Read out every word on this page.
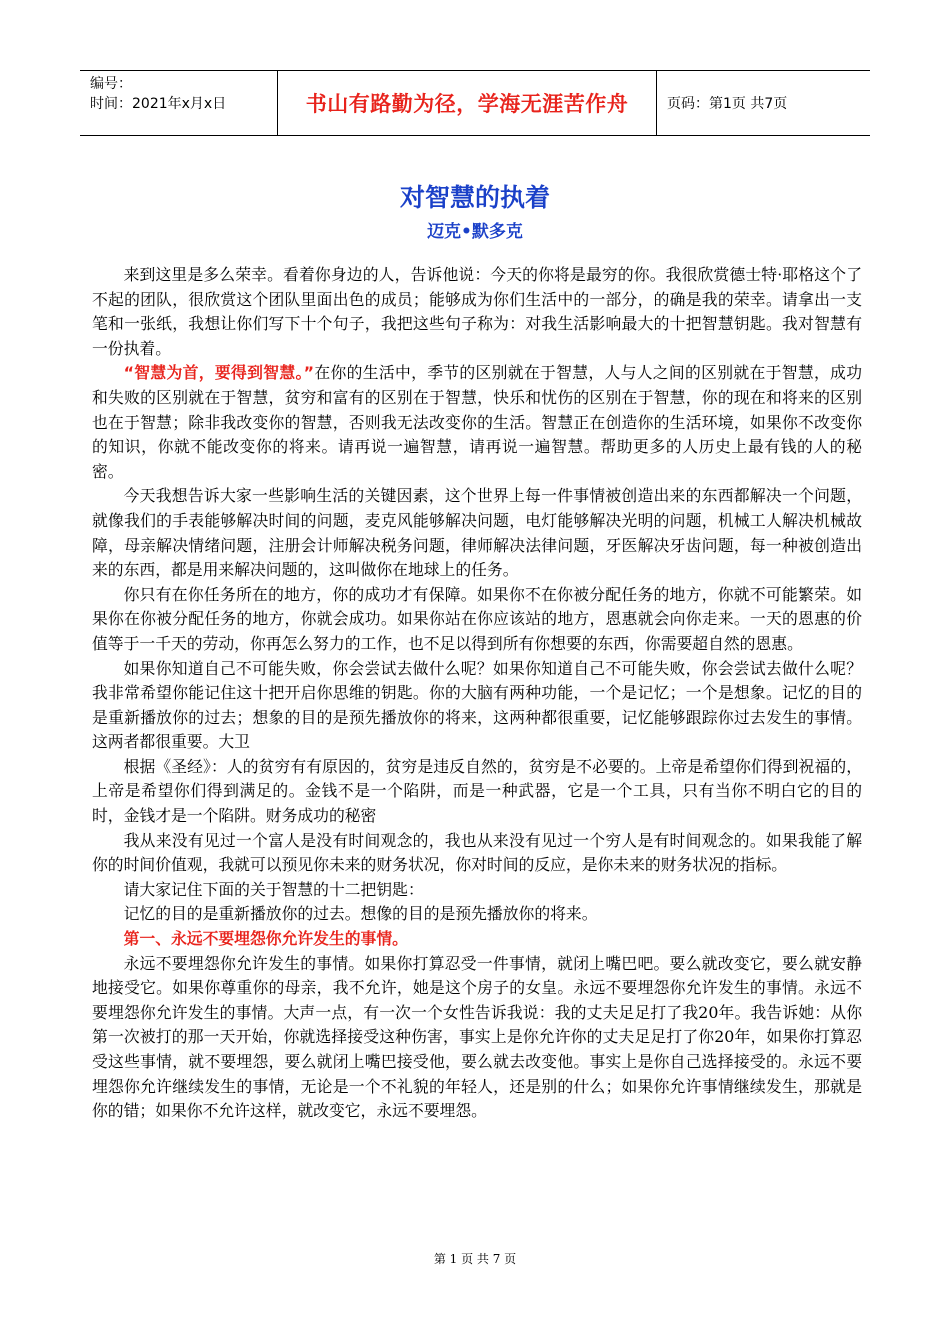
编号：
时间：2021年x月x日	书山有路勤为径，学海无涯苦作舟	页码：第1页 共7页
对智慧的执着
迈克•默多克

来到这里是多么荣幸。看着你身边的人，告诉他说：今天的你将是最穷的你。我很欣赏德士特·耶格这个了不起的团队，很欣赏这个团队里面出色的成员；能够成为你们生活中的一部分，的确是我的荣幸。请拿出一支笔和一张纸，我想让你们写下十个句子，我把这些句子称为：对我生活影响最大的十把智慧钥匙。我对智慧有一份执着。

“智慧为首，要得到智慧。”在你的生活中，季节的区别就在于智慧，人与人之间的区别就在于智慧，成功和失败的区别就在于智慧，贫穷和富有的区别在于智慧，快乐和忧伤的区别在于智慧，你的现在和将来的区别也在于智慧；除非我改变你的智慧，否则我无法改变你的生活。智慧正在创造你的生活环境，如果你不改变你的知识，你就不能改变你的将来。请再说一遍智慧，请再说一遍智慧。帮助更多的人历史上最有钱的人的秘密。

今天我想告诉大家一些影响生活的关键因素，这个世界上每一件事情被创造出来的东西都解决一个问题，就像我们的手表能够解决时间的问题，麦克风能够解决问题，电灯能够解决光明的问题，机械工人解决机械故障，母亲解决情绪问题，注册会计师解决税务问题，律师解决法律问题，牙医解决牙齿问题，每一种被创造出来的东西，都是用来解决问题的，这叫做你在地球上的任务。

你只有在你任务所在的地方，你的成功才有保障。如果你不在你被分配任务的地方，你就不可能繁荣。如果你在你被分配任务的地方，你就会成功。如果你站在你应该站的地方，恩惠就会向你走来。一天的恩惠的价值等于一千天的劳动，你再怎么努力的工作，也不足以得到所有你想要的东西，你需要超自然的恩惠。

如果你知道自己不可能失败，你会尝试去做什么呢？如果你知道自己不可能失败，你会尝试去做什么呢？我非常希望你能记住这十把开启你思维的钥匙。你的大脑有两种功能，一个是记忆；一个是想象。记忆的目的是重新播放你的过去；想象的目的是预先播放你的将来，这两种都很重要，记忆能够跟踪你过去发生的事情。这两者都很重要。大卫

根据《圣经》：人的贫穷有有原因的，贫穷是违反自然的，贫穷是不必要的。上帝是希望你们得到祝福的，上帝是希望你们得到满足的。金钱不是一个陷阱，而是一种武器，它是一个工具，只有当你不明白它的目的时，金钱才是一个陷阱。财务成功的秘密

我从来没有见过一个富人是没有时间观念的，我也从来没有见过一个穷人是有时间观念的。如果我能了解你的时间价值观，我就可以预见你未来的财务状况，你对时间的反应，是你未来的财务状况的指标。

请大家记住下面的关于智慧的十二把钥匙：

记忆的目的是重新播放你的过去。想像的目的是预先播放你的将来。

第一、永远不要埋怨你允许发生的事情。

永远不要埋怨你允许发生的事情。如果你打算忍受一件事情，就闭上嘴巴吧。要么就改变它，要么就安静地接受它。如果你尊重你的母亲，我不允许，她是这个房子的女皇。永远不要埋怨你允许发生的事情。永远不要埋怨你允许发生的事情。大声一点，有一次一个女性告诉我说：我的丈夫足足打了我20年。我告诉她：从你第一次被打的那一天开始，你就选择接受这种伤害，事实上是你允许你的丈夫足足打了你20年，如果你打算忍受这些事情，就不要埋怨，要么就闭上嘴巴接受他，要么就去改变他。事实上是你自己选择接受的。永远不要埋怨你允许继续发生的事情，无论是一个不礼貌的年轻人，还是别的什么；如果你允许事情继续发生，那就是你的错；如果你不允许这样，就改变它，永远不要埋怨。

第 1 页 共 7 页
